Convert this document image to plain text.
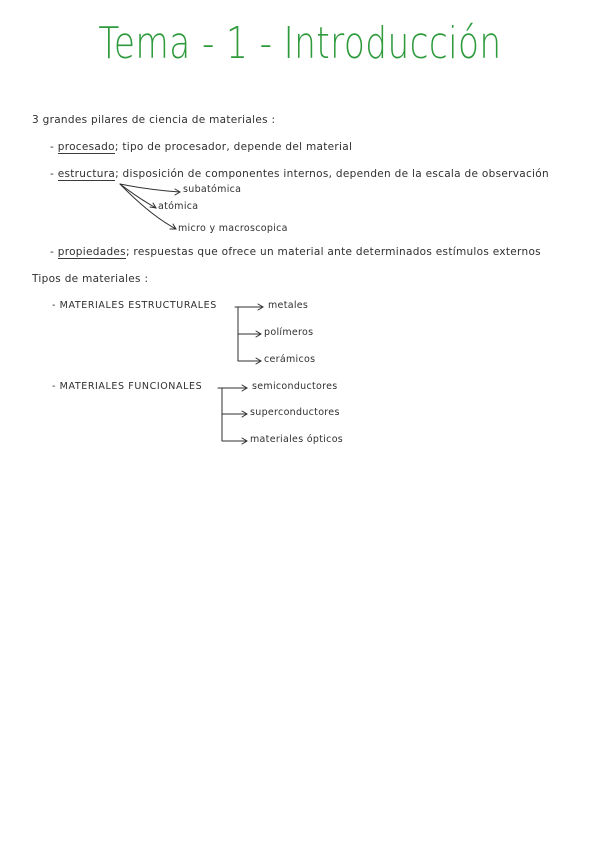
Tema - 1 - Introducción
3 grandes pilares de ciencia de materiales :
- procesado; tipo de procesador, depende del material
- estructura; disposición de componentes internos, dependen de la escala de observación
subatómica
atómica
micro y macroscopica
- propiedades; respuestas que ofrece un material ante determinados estímulos externos
Tipos de materiales :
- MATERIALES ESTRUCTURALES	metales
polímeros
cerámicos
- MATERIALES FUNCIONALES	semiconductores
superconductores
materiales ópticos
